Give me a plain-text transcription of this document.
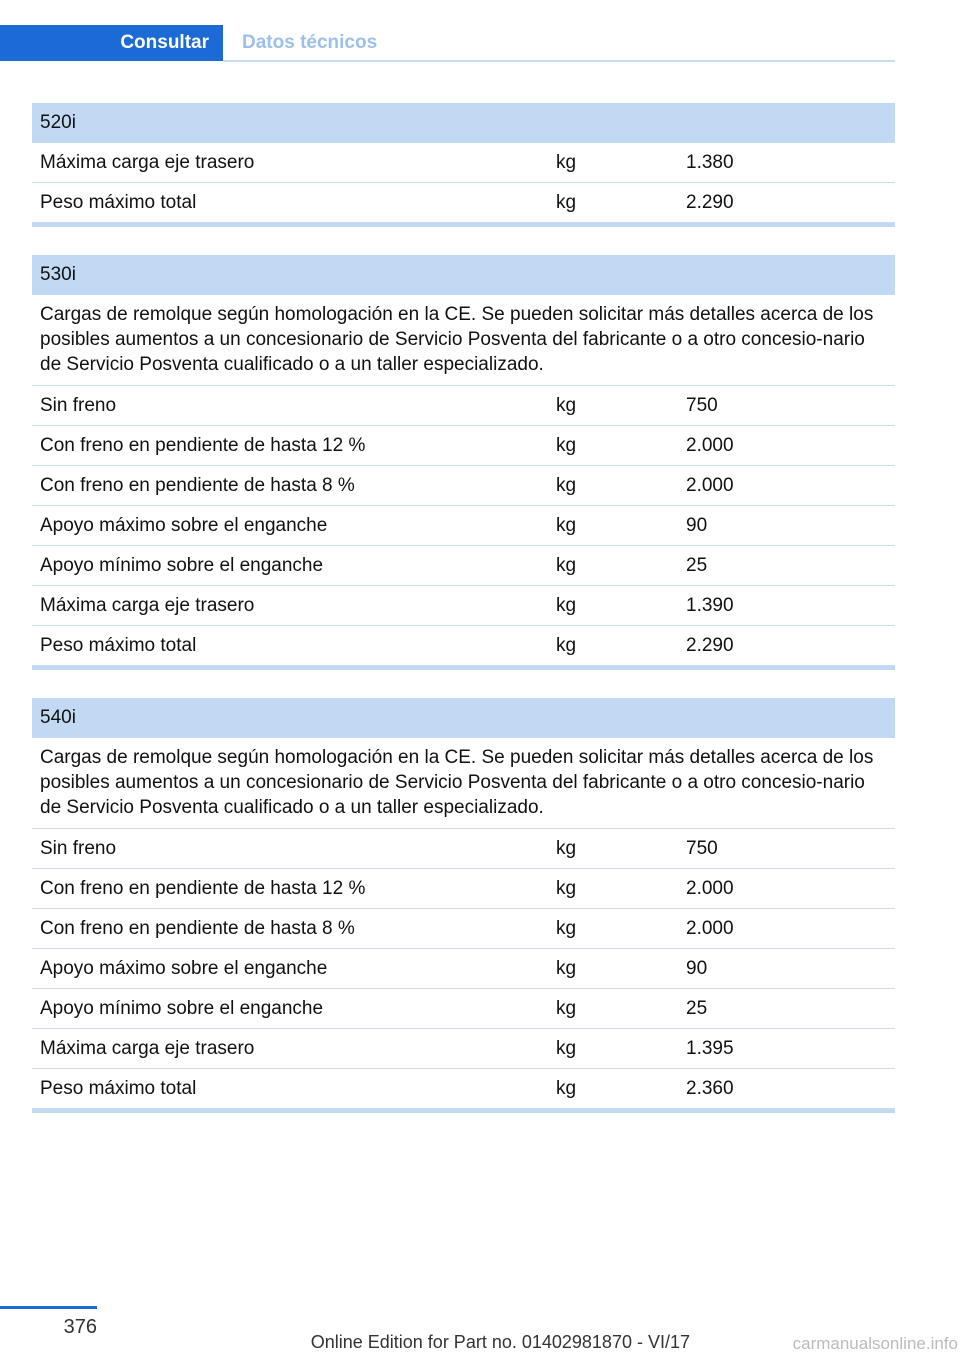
Consultar	Datos técnicos
520i
Máxima carga eje trasero	kg	1.380
Peso máximo total	kg	2.290
530i
Cargas de remolque según homologación en la CE. Se pueden solicitar más detalles acerca de los posibles aumentos a un concesionario de Servicio Posventa del fabricante o a otro concesio‐nario de Servicio Posventa cualificado o a un taller especializado.
Sin freno	kg	750
Con freno en pendiente de hasta 12 %	kg	2.000
Con freno en pendiente de hasta 8 %	kg	2.000
Apoyo máximo sobre el enganche	kg	90
Apoyo mínimo sobre el enganche	kg	25
Máxima carga eje trasero	kg	1.390
Peso máximo total	kg	2.290
540i
Cargas de remolque según homologación en la CE. Se pueden solicitar más detalles acerca de los posibles aumentos a un concesionario de Servicio Posventa del fabricante o a otro concesio‐nario de Servicio Posventa cualificado o a un taller especializado.
Sin freno	kg	750
Con freno en pendiente de hasta 12 %	kg	2.000
Con freno en pendiente de hasta 8 %	kg	2.000
Apoyo máximo sobre el enganche	kg	90
Apoyo mínimo sobre el enganche	kg	25
Máxima carga eje trasero	kg	1.395
Peso máximo total	kg	2.360
376
Online Edition for Part no. 01402981870 - VI/17	carmanualsonline.info
